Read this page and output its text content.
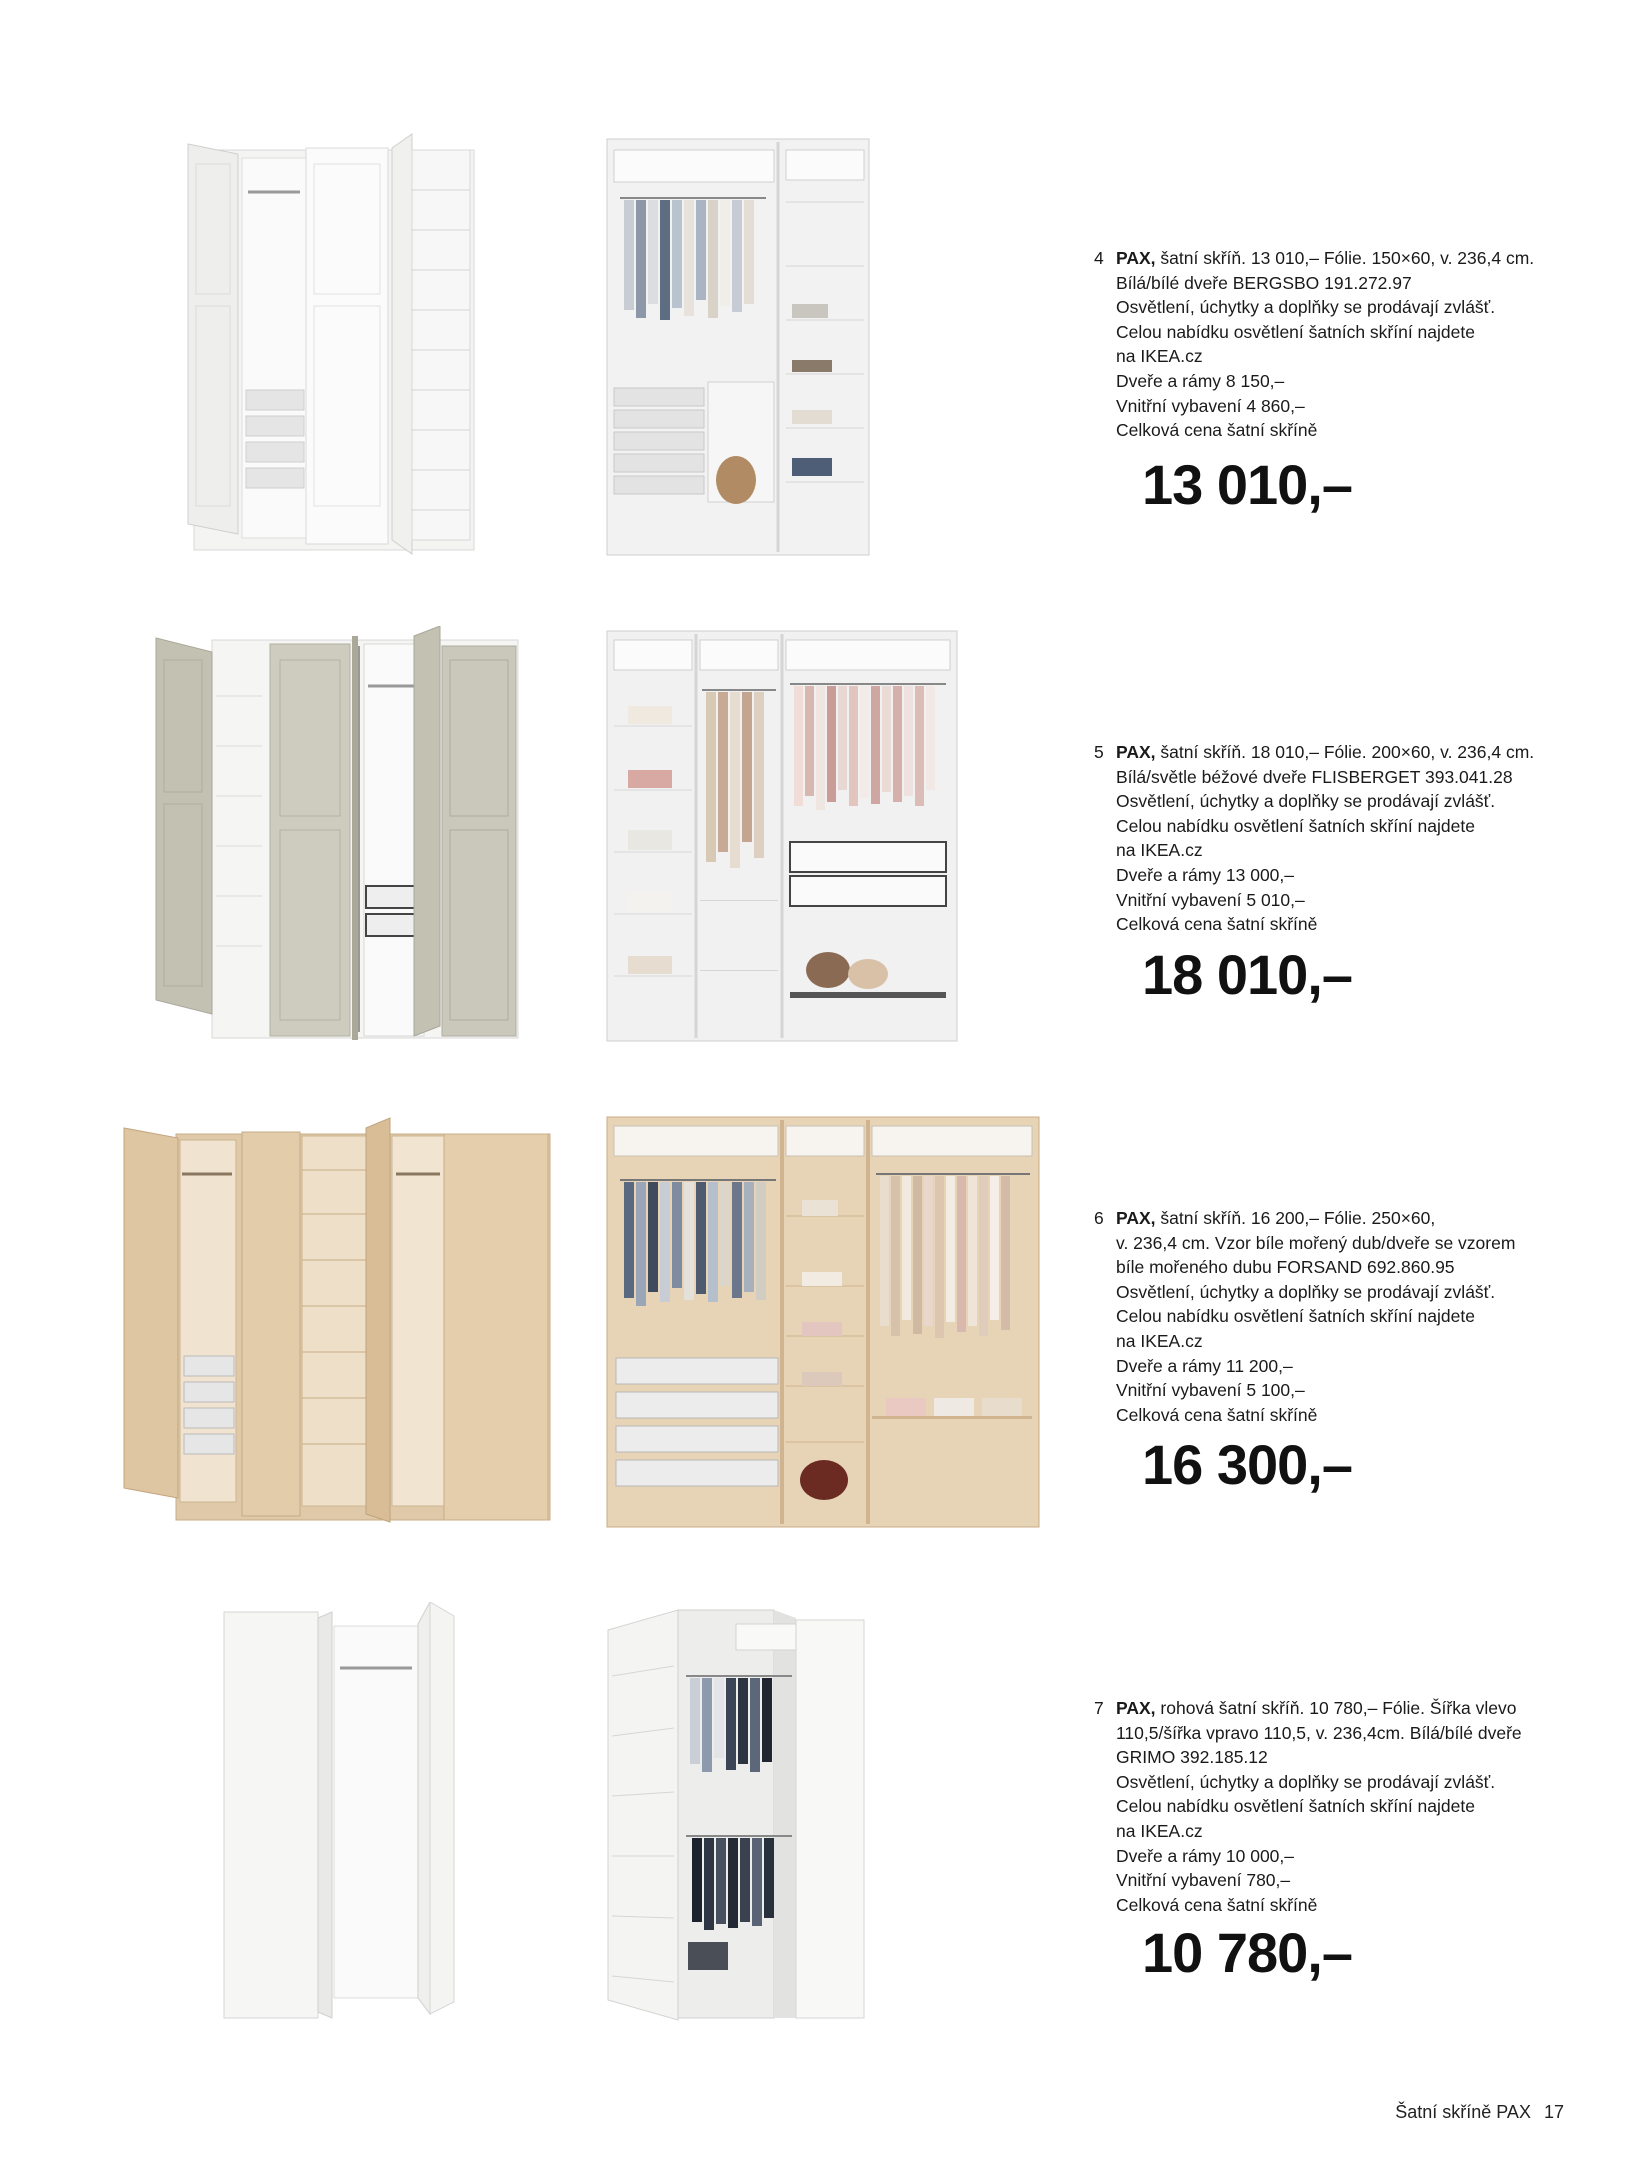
4 PAX, šatní skříň. 13 010,– Fólie. 150×60, v. 236,4 cm.
Bílá/bílé dveře BERGSBO 191.272.97
Osvětlení, úchytky a doplňky se prodávají zvlášť.
Celou nabídku osvětlení šatních skříní najdete
na IKEA.cz
Dveře a rámy 8 150,–
Vnitřní vybavení 4 860,–
Celková cena šatní skříně
13 010,–
5 PAX, šatní skříň. 18 010,– Fólie. 200×60, v. 236,4 cm.
Bílá/světle béžové dveře FLISBERGET 393.041.28
Osvětlení, úchytky a doplňky se prodávají zvlášť.
Celou nabídku osvětlení šatních skříní najdete
na IKEA.cz
Dveře a rámy 13 000,–
Vnitřní vybavení 5 010,–
Celková cena šatní skříně
18 010,–
6 PAX, šatní skříň. 16 200,– Fólie. 250×60,
v. 236,4 cm. Vzor bíle mořený dub/dveře se vzorem
bíle mořeného dubu FORSAND 692.860.95
Osvětlení, úchytky a doplňky se prodávají zvlášť.
Celou nabídku osvětlení šatních skříní najdete
na IKEA.cz
Dveře a rámy 11 200,–
Vnitřní vybavení 5 100,–
Celková cena šatní skříně
16 300,–
7 PAX, rohová šatní skříň. 10 780,– Fólie. Šířka vlevo
110,5/šířka vpravo 110,5, v. 236,4cm. Bílá/bílé dveře
GRIMO 392.185.12
Osvětlení, úchytky a doplňky se prodávají zvlášť.
Celou nabídku osvětlení šatních skříní najdete
na IKEA.cz
Dveře a rámy 10 000,–
Vnitřní vybavení 780,–
Celková cena šatní skříně
10 780,–
Šatní skříně PAX 17
